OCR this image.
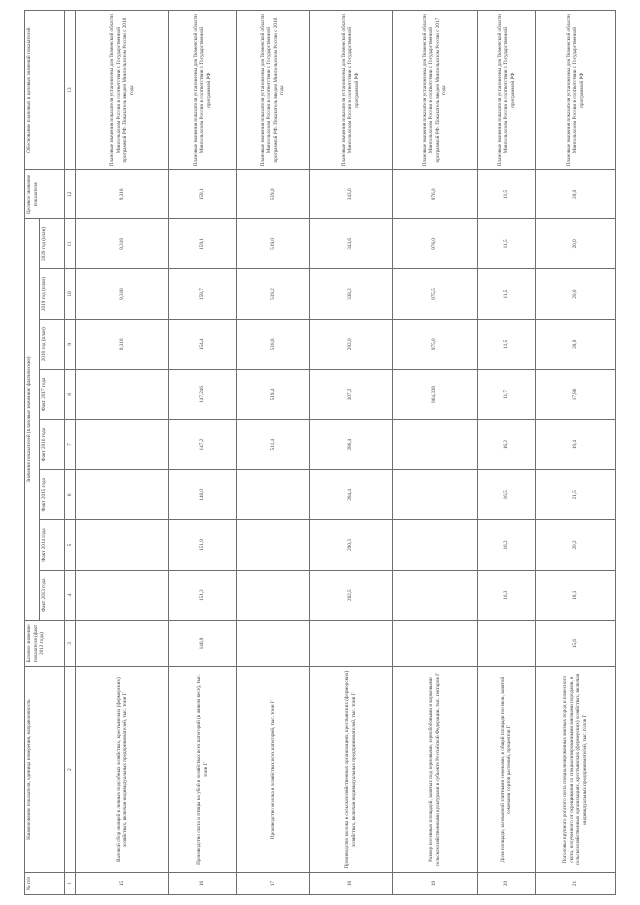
№ п/п	Наименование показателя, единица измерения, направленность	Базовое значение показателя (факт 2012 года)	Значения показателей (плановые значения/ фактические)								Целевое значение показателя	Обоснование плановых и целевых значений показателей
			Факт 2013 года	Факт 2014 года	Факт 2015 года	Факт 2016 года	Факт 2017 года	2018 год (план)	2019 год (план)	2020 год (план)		
1	2	3	4	5	6	7	8	9	10	11	12	13
15	Валовой сбор овощей в личных подсобных хозяйствах, крестьянских (фермерских) хозяйствах, включая индивидуальных предпринимателей, тыс. тонн Г							9,318	9,318	9,318	9,318	Плановые значения показателя установлены для Тюменской области Минсельхозом России в соответствии с Государственной программой РФ. Показатель введен Минсельхозом России с 2018 года
16	Производство скота и птицы на убой в хозяйствах всех категорий (в живом весе), тыс. тонн Г	146,9	151,3	151,9	148,0	147,2	147,246	154,4	158,7	159,1	159,1	Плановые значения показателя установлены для Тюменской области Минсельхозом России в соответствии с Государственной программой РФ
17	Производство молока в хозяйствах всех категорий, тыс. тонн Г					511,4	519,4	518,8	519,2	519,0	519,0	Плановые значения показателя установлены для Тюменской области Минсельхозом России в соответствии с Государственной программой РФ. Показатель введен Минсельхозом России с 2016 года
18	Производство молока в сельскохозяйственных организациях, крестьянских (фермерских) хозяйствах, включая индивидуальных предпринимателей, тыс. тонн Г		282,5	290,3	284,4	286,4	307,2	292,0	338,2	343,6	343,6	Плановые значения показателя установлены для Тюменской области Минсельхозом России в соответствии с Государственной программой РФ
19	Размер посевных площадей, занятых под зерновыми, зернобобовыми и кормовыми сельскохозяйственными культурами в субъекте Российской Федерации, тыс. гектаров Г						964,338	975,0	975,5	976,0	976,0	Плановые значения показателя установлены для Тюменской области Минсельхозом России в соответствии с Государственной программой РФ. Показатель введен Минсельхозом России с 2017 года
20	Доля площади, засеваемой элитными семенами, в общей площади посевов, занятой семенами сортов растений, процентов Г		16,3	16,2	16,5	16,2	11,7	11,5	11,5	11,5	11,5	Плановые значения показателя установлены для Тюменской области Минсельхозом России в соответствии с Государственной программой РФ
21	Поголовье крупного рогатого скота специализированных мясных пород и помесного скота, полученного от скрещивания со специализированными мясными породами, в сельскохозяйственных организациях, крестьянских (фермерских) хозяйствах, включая индивидуальных предпринимателей, тыс. голов Г	15,6	18,1	20,2	21,5	19,4	17,86	20,0	20,0	20,0	20,0	Плановые значения показателя установлены для Тюменской области Минсельхозом России в соответствии с Государственной программой РФ
